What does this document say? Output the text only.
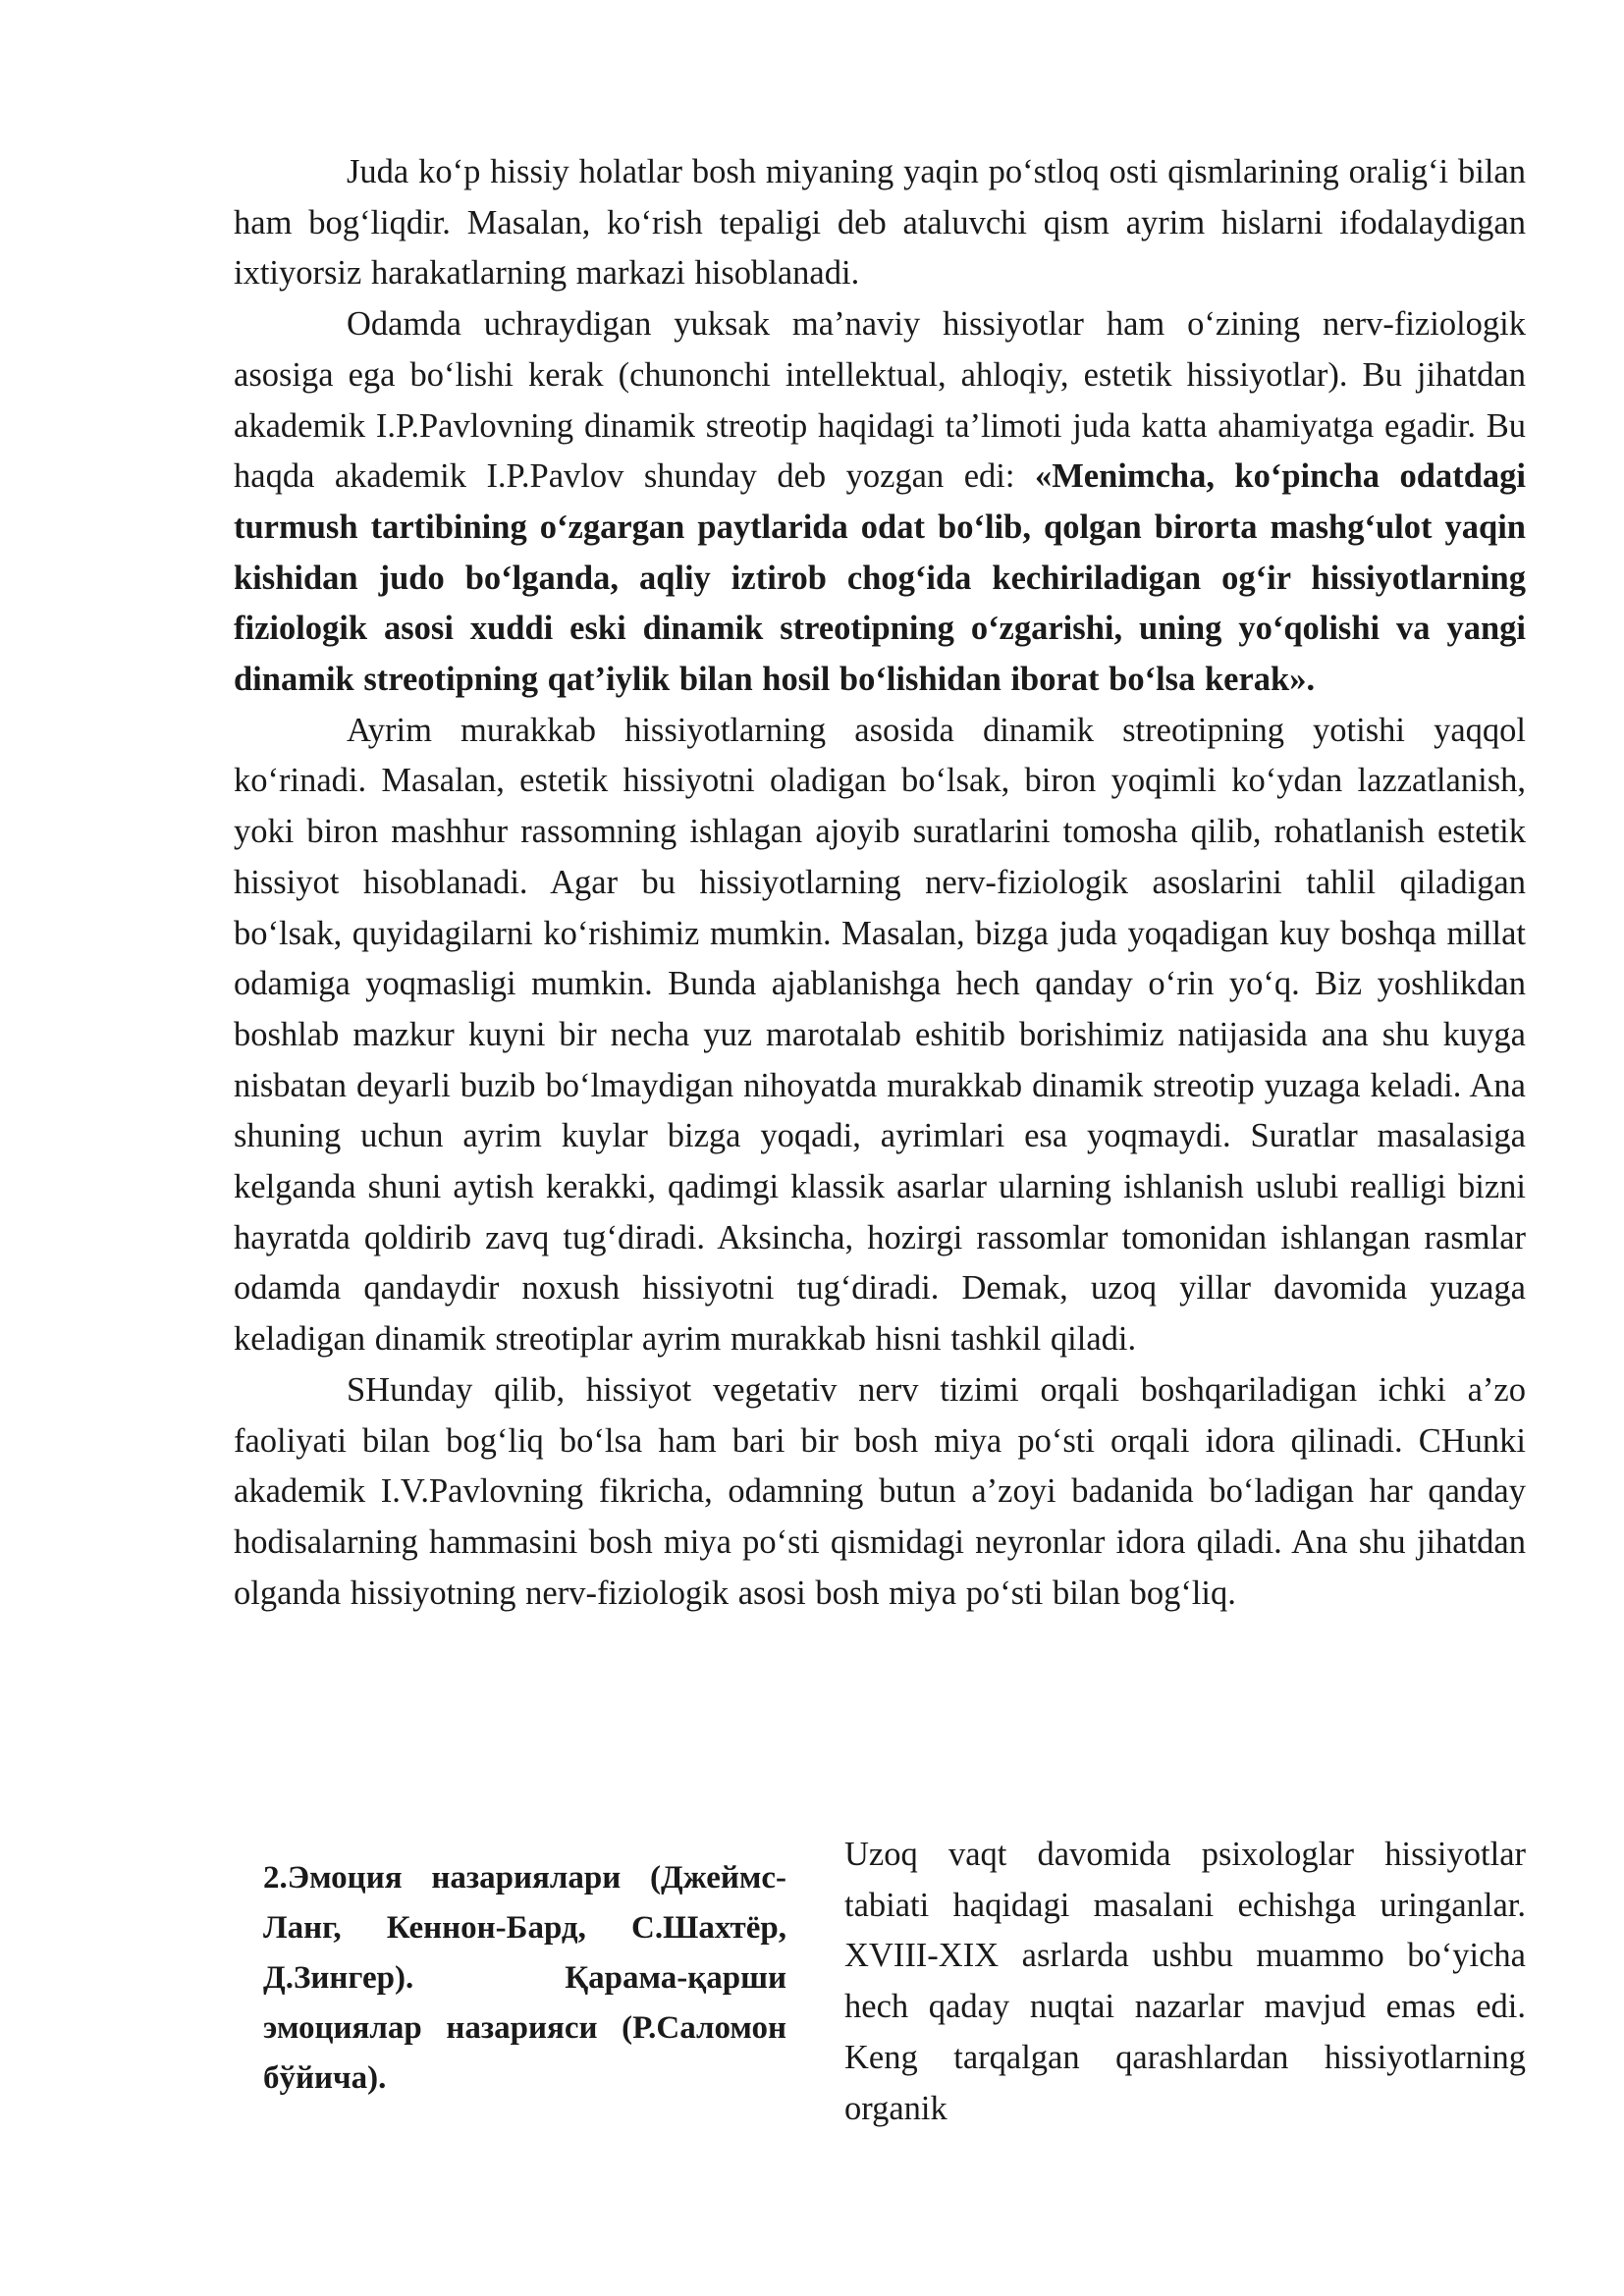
Juda ko‘p hissiy holatlar bosh miyaning yaqin po‘stloq osti qismlarining oralig‘i bilan ham bog‘liqdir. Masalan, ko‘rish tepaligi deb ataluvchi qism ayrim hislarni ifodalaydigan ixtiyorsiz harakatlarning markazi hisoblanadi.

Odamda uchraydigan yuksak ma’naviy hissiyotlar ham o‘zining nerv-fiziologik asosiga ega bo‘lishi kerak (chunonchi intellektual, ahloqiy, estetik hissiyotlar). Bu jihatdan akademik I.P.Pavlovning dinamik streotip haqidagi ta’limoti juda katta ahamiyatga egadir. Bu haqda akademik I.P.Pavlov shunday deb yozgan edi: «Menimcha, ko‘pincha odatdagi turmush tartibining o‘zgargan paytlarida odat bo‘lib, qolgan birorta mashg‘ulot yaqin kishidan judo bo‘lganda, aqliy iztirob chog‘ida kechiriladigan og‘ir hissiyotlarning fiziologik asosi xuddi eski dinamik streotipning o‘zgarishi, uning yo‘qolishi va yangi dinamik streotipning qat’iylik bilan hosil bo‘lishidan iborat bo‘lsa kerak».

Ayrim murakkab hissiyotlarning asosida dinamik streotipning yotishi yaqqol ko‘rinadi. Masalan, estetik hissiyotni oladigan bo‘lsak, biron yoqimli ko‘ydan lazzatlanish, yoki biron mashhur rassomning ishlagan ajoyib suratlarini tomosha qilib, rohatlanish estetik hissiyot hisoblanadi. Agar bu hissiyotlarning nerv-fiziologik asoslarini tahlil qiladigan bo‘lsak, quyidagilarni ko‘rishimiz mumkin. Masalan, bizga juda yoqadigan kuy boshqa millat odamiga yoqmasligi mumkin. Bunda ajablanishga hech qanday o‘rin yo‘q. Biz yoshlikdan boshlab mazkur kuyni bir necha yuz marotalab eshitib borishimiz natijasida ana shu kuyga nisbatan deyarli buzib bo‘lmaydigan nihoyatda murakkab dinamik streotip yuzaga keladi. Ana shuning uchun ayrim kuylar bizga yoqadi, ayrimlari esa yoqmaydi. Suratlar masalasiga kelganda shuni aytish kerakki, qadimgi klassik asarlar ularning ishlanish uslubi realligi bizni hayratda qoldirib zavq tug‘diradi. Aksincha, hozirgi rassomlar tomonidan ishlangan rasmlar odamda qandaydir noxush hissiyotni tug‘diradi. Demak, uzoq yillar davomida yuzaga keladigan dinamik streotiplar ayrim murakkab hisni tashkil qiladi.

SHunday qilib, hissiyot vegetativ nerv tizimi orqali boshqariladigan ichki a’zo faoliyati bilan bog‘liq bo‘lsa ham bari bir bosh miya po‘sti orqali idora qilinadi. CHunki akademik I.V.Pavlovning fikricha, odamning butun a’zoyi badanida bo‘ladigan har qanday hodisalarning hammasini bosh miya po‘sti qismidagi neyronlar idora qiladi. Ana shu jihatdan olganda hissiyotning nerv-fiziologik asosi bosh miya po‘sti bilan bog‘liq.

2.Эмоция назариялари (Джеймс-Ланг, Кеннон-Бард, С.Шахтёр, Д.Зингер). Қарама-қарши эмоциялар назарияси (Р.Саломон бўйича).

Uzoq vaqt davomida psixologlar hissiyotlar tabiati haqidagi masalani echishga uringanlar. XVIII-XIX asrlarda ushbu muammo bo‘yicha hech qaday nuqtai nazarlar mavjud emas edi. Keng tarqalgan qarashlardan hissiyotlarning organik
